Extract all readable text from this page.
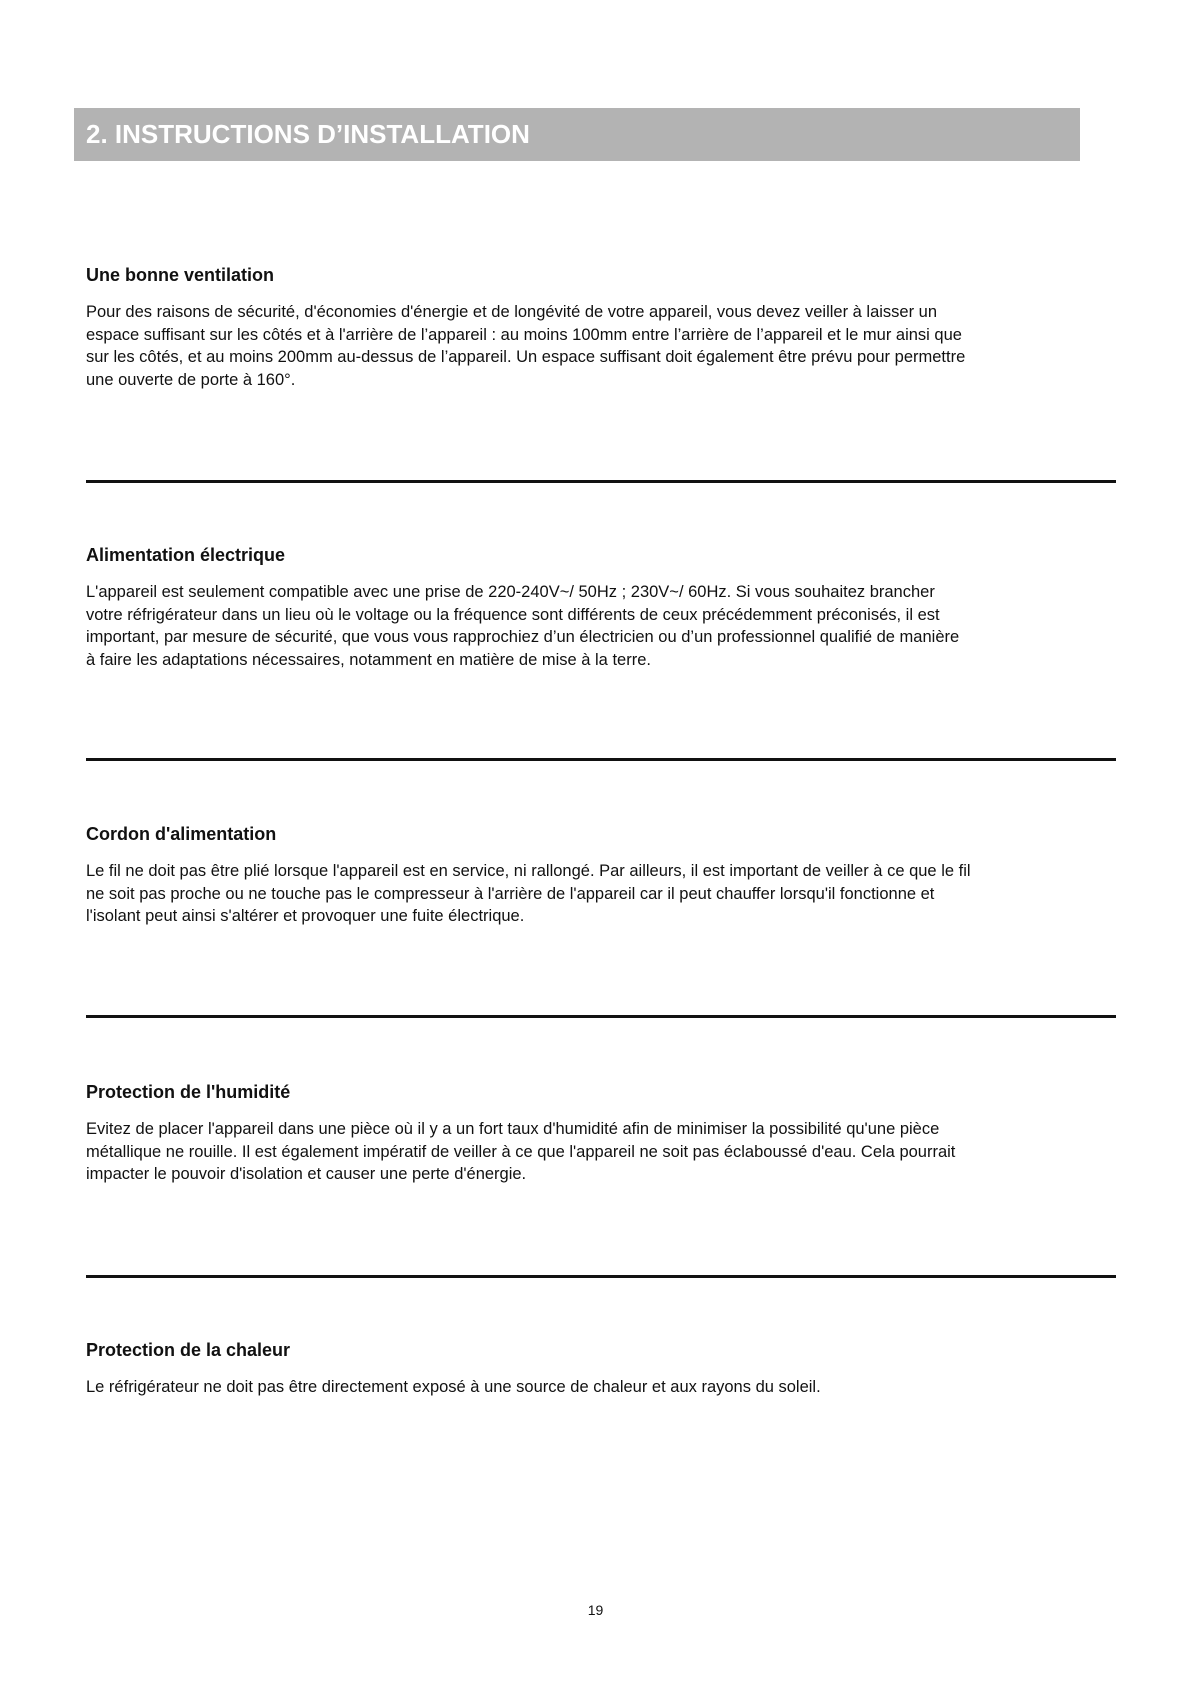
2. INSTRUCTIONS D’INSTALLATION
Une bonne ventilation
Pour des raisons de sécurité, d'économies d'énergie et de longévité de votre appareil, vous devez veiller à laisser un
espace suffisant sur les côtés et à l'arrière de l’appareil : au moins 100mm entre l’arrière de l’appareil et le mur ainsi que
sur les côtés, et au moins 200mm au-dessus de l’appareil. Un espace suffisant doit également être prévu pour permettre
une ouverte de porte à 160°.
Alimentation électrique
L'appareil est seulement compatible avec une prise de 220-240V~/ 50Hz ; 230V~/ 60Hz. Si vous souhaitez brancher
votre réfrigérateur dans un lieu où le voltage ou la fréquence sont différents de ceux précédemment préconisés, il est
important, par mesure de sécurité, que vous vous rapprochiez d’un électricien ou d’un professionnel qualifié de manière
à faire les adaptations nécessaires, notamment en matière de mise à la terre.
Cordon d'alimentation
Le fil ne doit pas être plié lorsque l'appareil est en service, ni rallongé. Par ailleurs, il est important de veiller à ce que le fil
ne soit pas proche ou ne touche pas le compresseur à l'arrière de l'appareil car il peut chauffer lorsqu'il fonctionne et
l'isolant peut ainsi s'altérer et provoquer une fuite électrique.
Protection de l'humidité
Evitez de placer l'appareil dans une pièce où il y a un fort taux d'humidité afin de minimiser la possibilité qu'une pièce
métallique ne rouille. Il est également impératif de veiller à ce que l'appareil ne soit pas éclaboussé d'eau. Cela pourrait
impacter le pouvoir d'isolation et causer une perte d'énergie.
Protection de la chaleur
Le réfrigérateur ne doit pas être directement exposé à une source de chaleur et aux rayons du soleil.
19
